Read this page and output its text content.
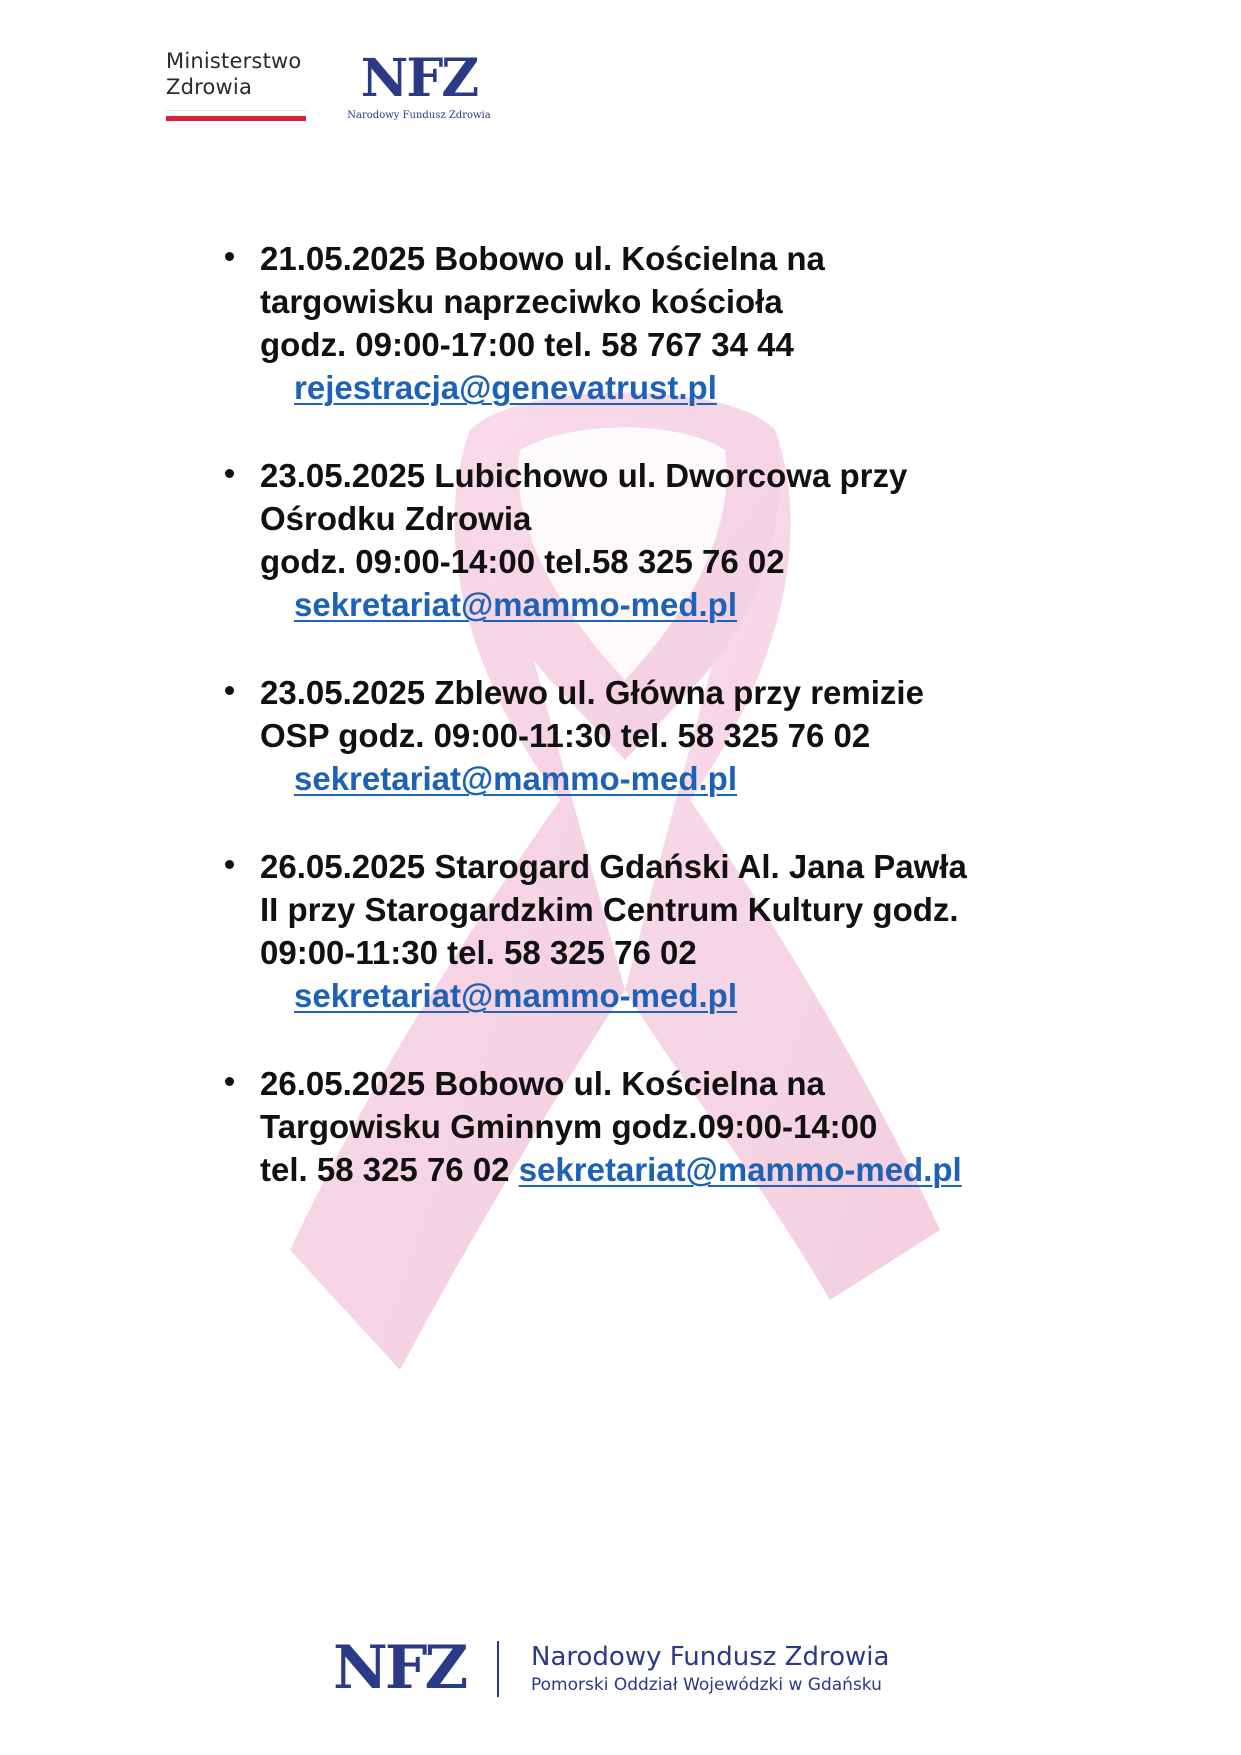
Ministerstwo
Zdrowia	NFZ
Narodowy Fundusz Zdrowia
21.05.2025 Bobowo ul. Kościelna na
targowisku naprzeciwko kościoła
godz. 09:00-17:00 tel. 58 767 34 44
rejestracja@genevatrust.pl
23.05.2025 Lubichowo ul. Dworcowa przy
Ośrodku Zdrowia
godz. 09:00-14:00 tel.58 325 76 02
sekretariat@mammo-med.pl
23.05.2025 Zblewo ul. Główna przy remizie
OSP godz. 09:00-11:30 tel. 58 325 76 02
sekretariat@mammo-med.pl
26.05.2025 Starogard Gdański Al. Jana Pawła
II przy Starogardzkim Centrum Kultury godz.
09:00-11:30 tel. 58 325 76 02
sekretariat@mammo-med.pl
26.05.2025 Bobowo ul. Kościelna na
Targowisku Gminnym godz.09:00-14:00
tel. 58 325 76 02 sekretariat@mammo-med.pl
NFZ	Narodowy Fundusz Zdrowia
Pomorski Oddział Wojewódzki w Gdańsku
